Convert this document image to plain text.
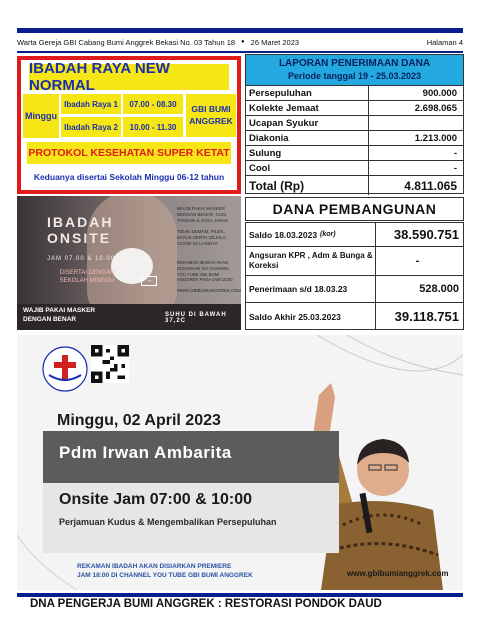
Warta Gereja GBI Cabang Bumi Anggrek Bekasi No. 03 Tahun 18 ● 26 Maret 2023	Halaman 4
IBADAH RAYA NEW NORMAL
Minggu
Ibadah Raya 1	07.00 - 08.30
Ibadah Raya 2	10.00 - 11.30
GBI BUMI ANGGREK
PROTOKOL KESEHATAN SUPER KETAT
Keduanya disertai Sekolah Minggu 06-12 tahun
LAPORAN PENERIMAAN DANA
Periode tanggal 19 - 25.03.2023
Persepuluhan	900.000
Kolekte Jemaat	2.698.065
Ucapan Syukur
Diakonia	1.213.000
Sulung	-
Cool	-
Total (Rp)	4.811.065
IBADAH
ONSITE
JAM 07.00 & 10.00
DISERTAI DENGAN SEKOLAH MINGGU
WAJIB PAKAI MASKER DENGAN BENAR, CUCI TANGAN & JAGA JARAK
TIDAK DEMAM, PILEK, BATUK SERTA GEJALA COVID-19 LAINNYA
REKAMAN IBADAH AKAN DISIARKAN VIA CHANNEL YOU TUBE GBI BUMI ANGGREK PADA JAM 18:00
WWW.GBIBUMIANGGREK.COM
→
WAJIB PAKAI MASKER DENGAN BENAR
SUHU DI BAWAH 37,2C
DANA PEMBANGUNAN
Saldo 18.03.2023 (kor)	38.590.751
Angsuran KPR , Adm & Bunga & Koreksi	-
Penerimaan s/d 18.03.23	528.000
Saldo Akhir 25.03.2023	39.118.751
Minggu, 02 April 2023
Pdm Irwan Ambarita
Onsite Jam 07:00 & 10:00
Perjamuan Kudus & Mengembalikan Persepuluhan
REKAMAN IBADAH AKAN DISIARKAN PREMIERE
JAM 18:00 DI CHANNEL YOU TUBE GBI BUMI ANGGREK	www.gbibumianggrek.com
DNA PENGERJA BUMI ANGGREK : RESTORASI PONDOK DAUD
